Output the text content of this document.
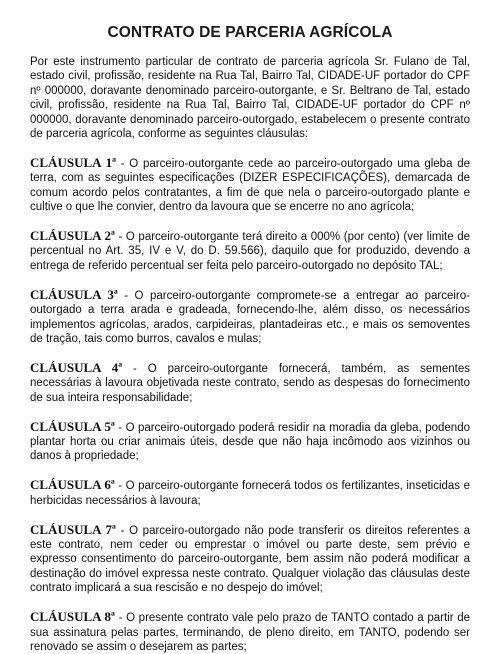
CONTRATO DE PARCERIA AGRÍCOLA

Por este instrumento particular de contrato de parceria agrícola Sr. Fulano de Tal, estado civil, profissão, residente na Rua Tal, Bairro Tal, CIDADE-UF portador do CPF nº 000000, doravante denominado parceiro-outorgante, e Sr. Beltrano de Tal, estado civil, profissão, residente na Rua Tal, Bairro Tal, CIDADE-UF portador do CPF nº 000000, doravante denominado parceiro-outorgado, estabelecem o presente contrato de parceria agrícola, conforme as seguintes cláusulas:

CLÁUSULA 1ª - O parceiro-outorgante cede ao parceiro-outorgado uma gleba de terra, com as seguintes especificações (DIZER ESPECIFICAÇÕES), demarcada de comum acordo pelos contratantes, a fim de que nela o parceiro-outorgado plante e cultive o que lhe convier, dentro da lavoura que se encerre no ano agrícola;

CLÁUSULA 2ª - O parceiro-outorgante terá direito a 000% (por cento) (ver limite de percentual no Art. 35, IV e V, do D. 59.566), daquilo que for produzido, devendo a entrega de referido percentual ser feita pelo parceiro-outorgado no depósito TAL;

CLÁUSULA 3ª - O parceiro-outorgante compromete-se a entregar ao parceiro-outorgado a terra arada e gradeada, fornecendo-lhe, além disso, os necessários implementos agrícolas, arados, carpideiras, plantadeiras etc., e mais os semoventes de tração, tais como burros, cavalos e mulas;

CLÁUSULA 4ª - O parceiro-outorgante fornecerá, também, as sementes necessárias à lavoura objetivada neste contrato, sendo as despesas do fornecimento de sua inteira responsabilidade;

CLÁUSULA 5ª - O parceiro-outorgado poderá residir na moradia da gleba, podendo plantar horta ou criar animais úteis, desde que não haja incômodo aos vizinhos ou danos à propriedade;

CLÁUSULA 6ª - O parceiro-outorgante fornecerá todos os fertilizantes, inseticidas e herbicidas necessários à lavoura;

CLÁUSULA 7ª - O parceiro-outorgado não pode transferir os direitos referentes a este contrato, nem ceder ou emprestar o imóvel ou parte deste, sem prévio e expresso consentimento do parceiro-outorgante, bem assim não poderá modificar a destinação do imóvel expressa neste contrato. Qualquer violação das cláusulas deste contrato implicará a sua rescisão e no despejo do imóvel;

CLÁUSULA 8ª - O presente contrato vale pelo prazo de TANTO contado a partir de sua assinatura pelas partes, terminando, de pleno direito, em TANTO, podendo ser renovado se assim o desejarem as partes;
